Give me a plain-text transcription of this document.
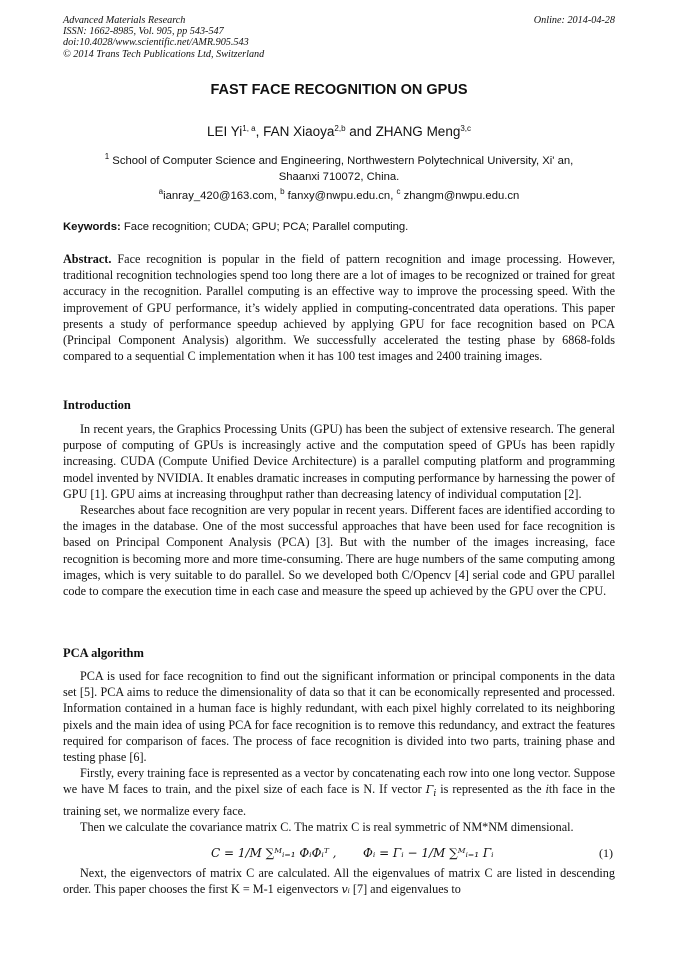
Advanced Materials Research
ISSN: 1662-8985, Vol. 905, pp 543-547
doi:10.4028/www.scientific.net/AMR.905.543
© 2014 Trans Tech Publications Ltd, Switzerland
Online: 2014-04-28
FAST FACE RECOGNITION ON GPUS
LEI Yi$^{1, a}$, FAN Xiaoya$^{2,b}$ and ZHANG Meng$^{3,c}$
$^1$ School of Computer Science and Engineering, Northwestern Polytechnical University, Xi' an,
Shaanxi 710072, China.
$^a$ianray_420@163.com, $^b$ fanxy@nwpu.edu.cn, $^c$ zhangm@nwpu.edu.cn
Keywords: Face recognition; CUDA; GPU; PCA; Parallel computing.

Abstract. Face recognition is popular in the field of pattern recognition and image processing. However, traditional recognition technologies spend too long there are a lot of images to be recognized or trained for great accuracy in the recognition. Parallel computing is an effective way to improve the processing speed. With the improvement of GPU performance, it’s widely applied in computing-concentrated data operations. This paper presents a study of performance speedup achieved by applying GPU for face recognition based on PCA (Principal Component Analysis) algorithm. We successfully accelerated the testing phase by 6868-folds compared to a sequential C implementation when it has 100 test images and 2400 training images.

Introduction

In recent years, the Graphics Processing Units (GPU) has been the subject of extensive research. The general purpose of computing of GPUs is increasingly active and the computation speed of GPUs has been rapidly increasing. CUDA (Compute Unified Device Architecture) is a parallel computing platform and programming model invented by NVIDIA. It enables dramatic increases in computing performance by harnessing the power of GPU [1]. GPU aims at increasing throughput rather than decreasing latency of individual computation [2].

Researches about face recognition are very popular in recent years. Different faces are identified according to the images in the database. One of the most successful approaches that have been used for face recognition is based on Principal Component Analysis (PCA) [3]. But with the number of the images increasing, face recognition is becoming more and more time-consuming. There are huge numbers of the same computing among images, which is very suitable to do parallel. So we developed both C/Opencv [4] serial code and GPU parallel code to compare the execution time in each case and measure the speed up achieved by the GPU over the CPU.

PCA algorithm

PCA is used for face recognition to find out the significant information or principal components in the data set [5]. PCA aims to reduce the dimensionality of data so that it can be economically represented and processed. Information contained in a human face is highly redundant, with each pixel highly correlated to its neighboring pixels and the main idea of using PCA for face recognition is to remove this redundancy, and extract the features required for comparison of faces. The process of face recognition is divided into two parts, training phase and testing phase [6].

Firstly, every training face is represented as a vector by concatenating each row into one long vector. Suppose we have M faces to train, and the pixel size of each face is N. If vector $\Gamma_i$ is represented as the ith face in the training set, we normalize every face.

Then we calculate the covariance matrix C. The matrix C is real symmetric of NM*NM dimensional.

C = 1/M ∑ᴹᵢ₌₁ ΦᵢΦᵢᵀ , Φᵢ = Γᵢ − 1/M ∑ᴹᵢ₌₁ Γᵢ	(1)

Next, the eigenvectors of matrix C are calculated. All the eigenvalues of matrix C are listed in descending order. This paper chooses the first K = M-1 eigenvectors vᵢ [7] and eigenvalues to
